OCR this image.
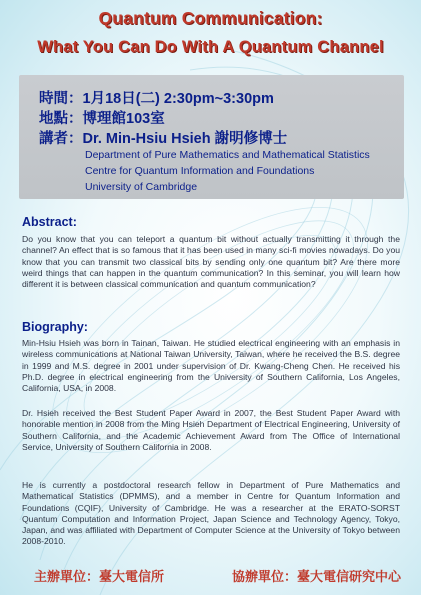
Quantum Communication:
What You Can Do With A Quantum Channel
時間：1月18日(二) 2:30pm~3:30pm
地點：博理館103室
講者：Dr. Min-Hsiu Hsieh 謝明修博士
Department of Pure Mathematics and Mathematical Statistics
Centre for Quantum Information and Foundations
University of Cambridge
Abstract:
Do you know that you can teleport a quantum bit without actually transmitting it through the channel? An effect that is so famous that it has been used in many sci-fi movies nowadays. Do you know that you can transmit two classical bits by sending only one quantum bit? Are there more weird things that can happen in the quantum communication? In this seminar, you will learn how different it is between classical communication and quantum communication?
Biography:
Min-Hsiu Hsieh was born in Tainan, Taiwan. He studied electrical engineering with an emphasis in wireless communications at National Taiwan University, Taiwan, where he received the B.S. degree in 1999 and M.S. degree in 2001 under supervision of Dr. Kwang-Cheng Chen. He received his Ph.D. degree in electrical engineering from the University of Southern California, Los Angeles, California, USA, in 2008.
Dr. Hsieh received the Best Student Paper Award in 2007, the Best Student Paper Award with honorable mention in 2008 from the Ming Hsieh Department of Electrical Engineering, University of Southern California, and the Academic Achievement Award from The Office of International Service, University of Southern California in 2008.
He is currently a postdoctoral research fellow in Department of Pure Mathematics and Mathematical Statistics (DPMMS), and a member in Centre for Quantum Information and Foundations (CQIF), University of Cambridge. He was a researcher at the ERATO-SORST Quantum Computation and Information Project, Japan Science and Technology Agency, Tokyo, Japan, and was affiliated with Department of Computer Science at the University of Tokyo between 2008-2010.
主辦單位：臺大電信所	協辦單位：臺大電信研究中心
